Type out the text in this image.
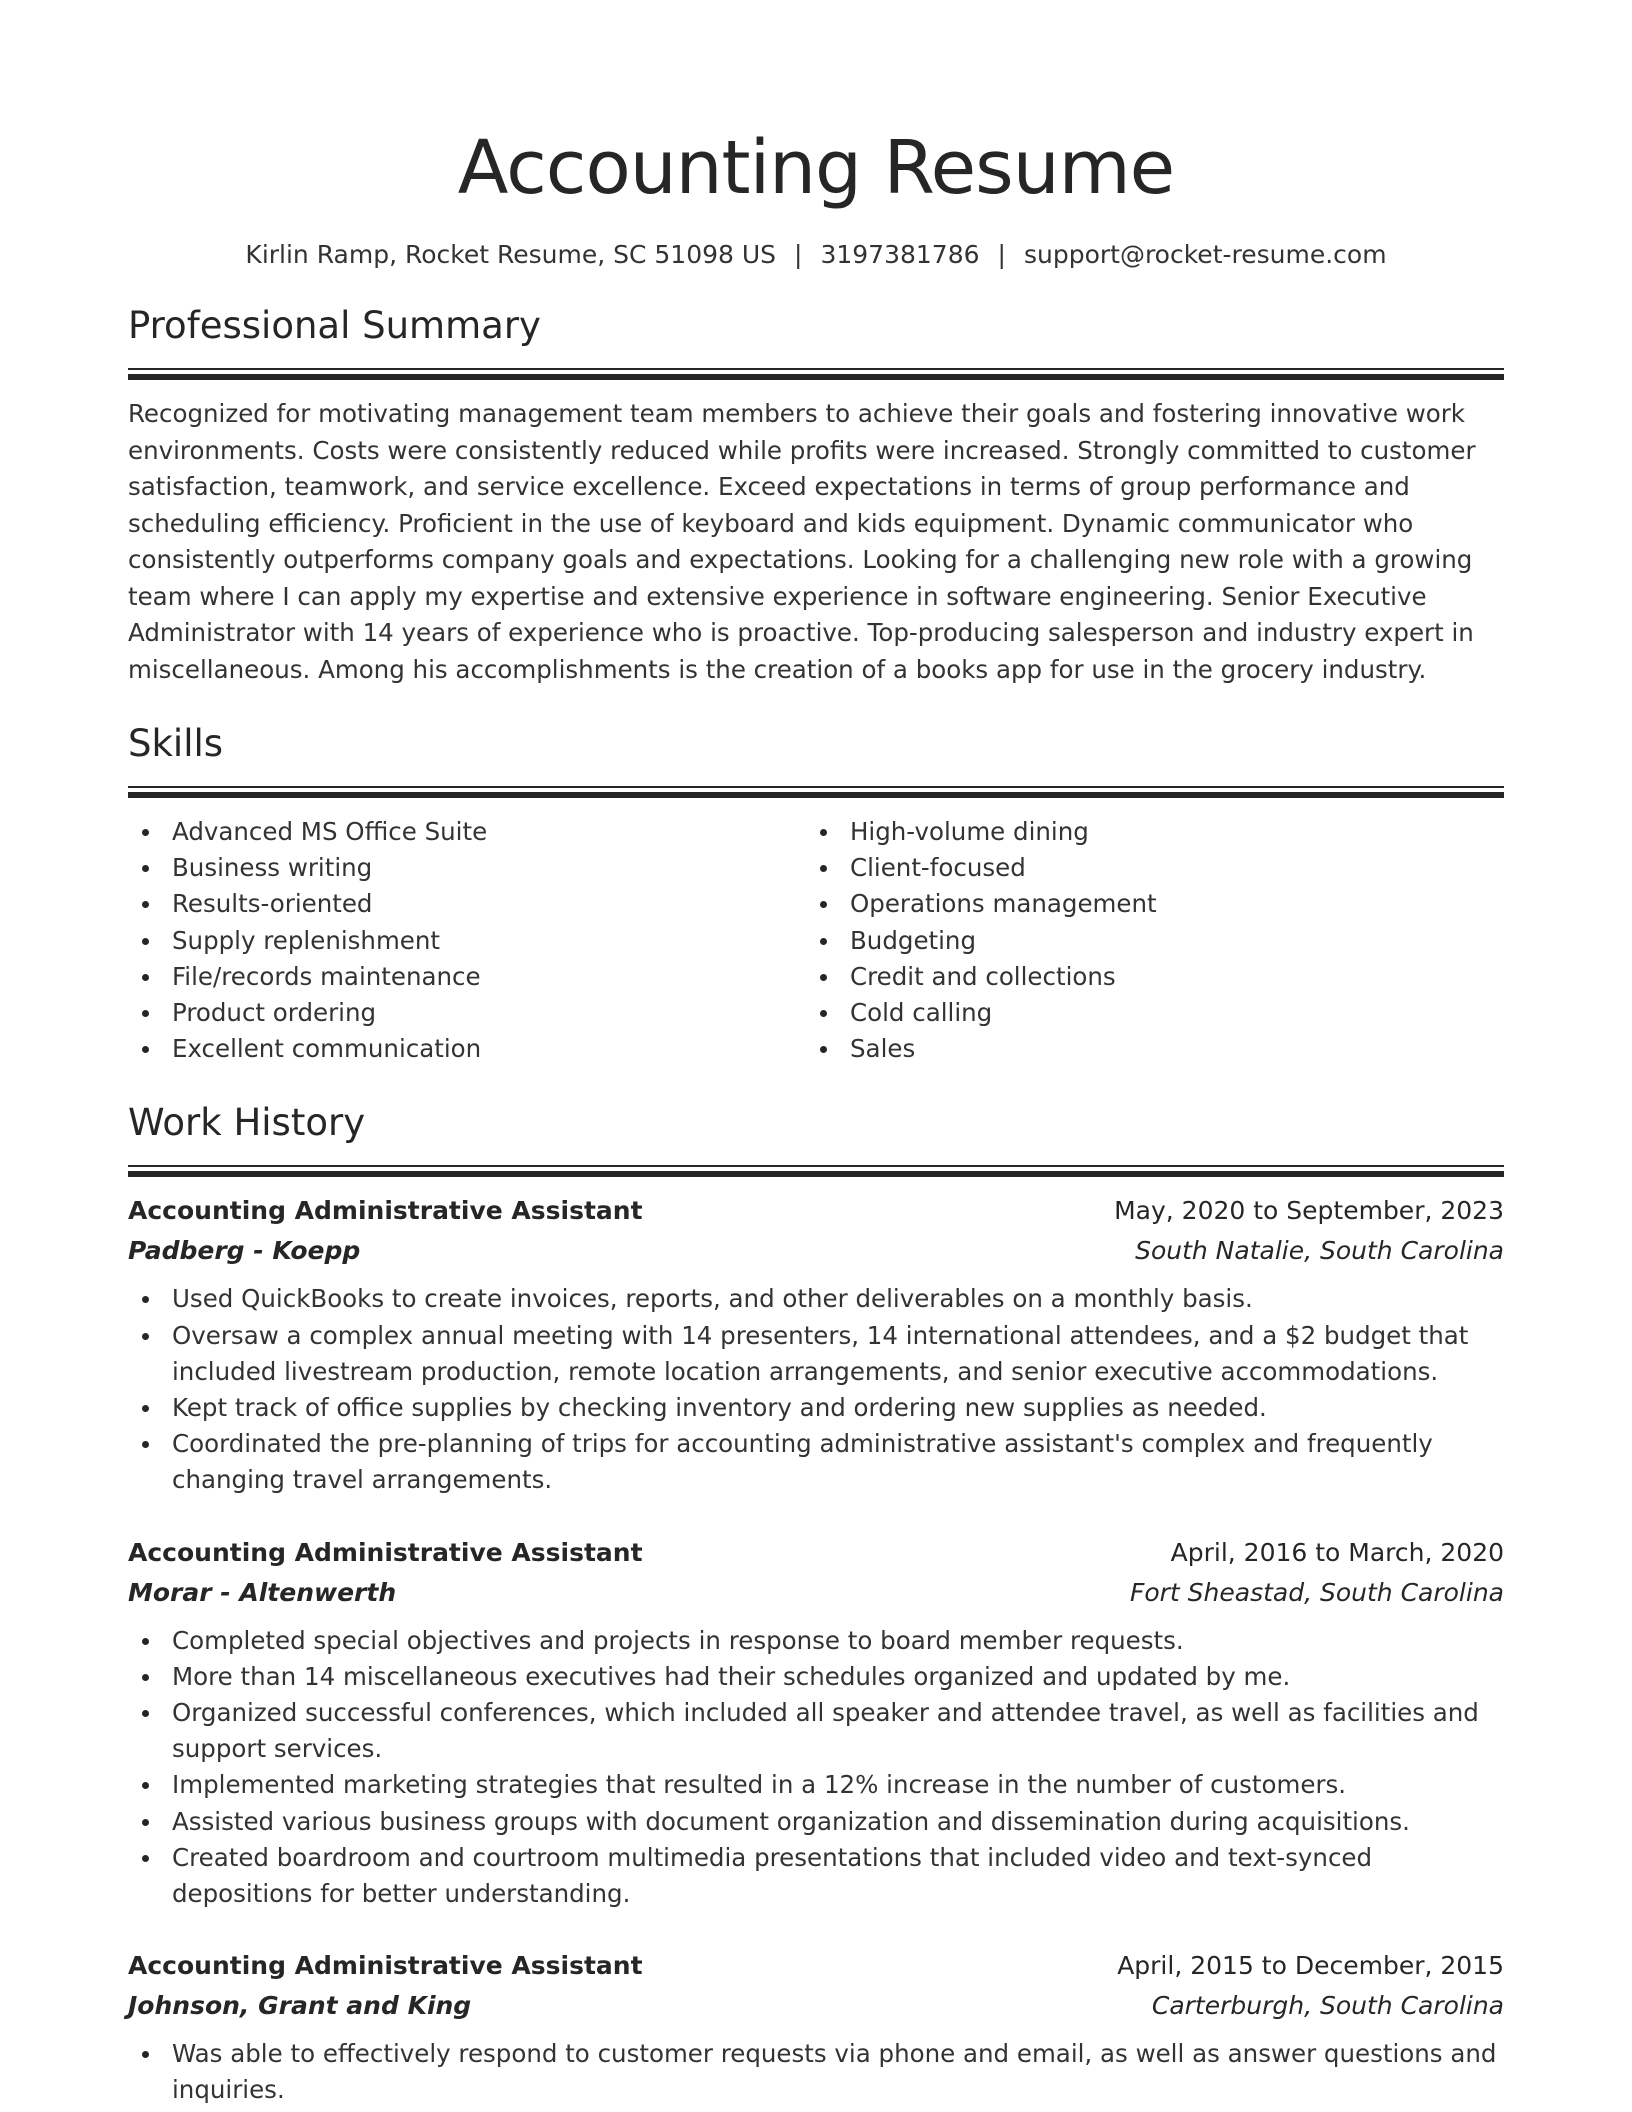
Accounting Resume
Kirlin Ramp, Rocket Resume, SC 51098 US | 3197381786 | support@rocket-resume.com
Professional Summary

Recognized for motivating management team members to achieve their goals and fostering innovative work environments. Costs were consistently reduced while profits were increased. Strongly committed to customer satisfaction, teamwork, and service excellence. Exceed expectations in terms of group performance and scheduling efficiency. Proficient in the use of keyboard and kids equipment. Dynamic communicator who consistently outperforms company goals and expectations. Looking for a challenging new role with a growing team where I can apply my expertise and extensive experience in software engineering. Senior Executive Administrator with 14 years of experience who is proactive. Top-producing salesperson and industry expert in miscellaneous. Among his accomplishments is the creation of a books app for use in the grocery industry.

Skills
Advanced MS Office Suite
Business writing
Results-oriented
Supply replenishment
File/records maintenance
Product ordering
Excellent communication
High-volume dining
Client-focused
Operations management
Budgeting
Credit and collections
Cold calling
Sales
Work History
Accounting Administrative Assistant	May, 2020 to September, 2023
Padberg - Koepp	South Natalie, South Carolina
Used QuickBooks to create invoices, reports, and other deliverables on a monthly basis.
Oversaw a complex annual meeting with 14 presenters, 14 international attendees, and a $2 budget that included livestream production, remote location arrangements, and senior executive accommodations.
Kept track of office supplies by checking inventory and ordering new supplies as needed.
Coordinated the pre-planning of trips for accounting administrative assistant's complex and frequently changing travel arrangements.
Accounting Administrative Assistant	April, 2016 to March, 2020
Morar - Altenwerth	Fort Sheastad, South Carolina
Completed special objectives and projects in response to board member requests.
More than 14 miscellaneous executives had their schedules organized and updated by me.
Organized successful conferences, which included all speaker and attendee travel, as well as facilities and support services.
Implemented marketing strategies that resulted in a 12% increase in the number of customers.
Assisted various business groups with document organization and dissemination during acquisitions.
Created boardroom and courtroom multimedia presentations that included video and text-synced depositions for better understanding.
Accounting Administrative Assistant	April, 2015 to December, 2015
Johnson, Grant and King	Carterburgh, South Carolina
Was able to effectively respond to customer requests via phone and email, as well as answer questions and inquiries.
